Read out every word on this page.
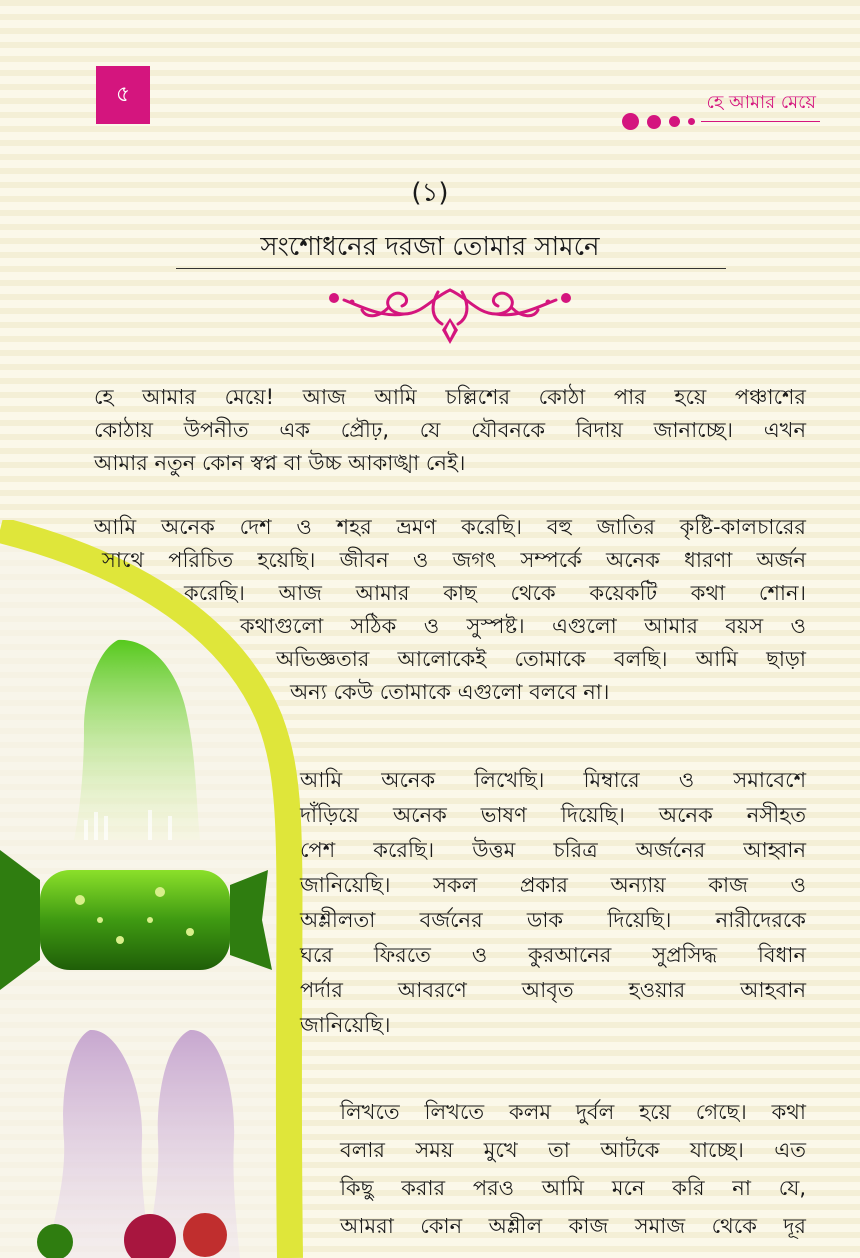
৫	হে আমার মেয়ে
(১)
সংশোধনের দরজা তোমার সামনে
হে আমার মেয়ে! আজ আমি চল্লিশের কোঠা পার হয়ে পঞ্চাশের
কোঠায় উপনীত এক প্রৌঢ়, যে যৌবনকে বিদায় জানাচ্ছে। এখন
আমার নতুন কোন স্বপ্ন বা উচ্চ আকাঙ্খা নেই।
আমি অনেক দেশ ও শহর ভ্রমণ করেছি। বহু জাতির কৃষ্টি-কালচারের
সাথে পরিচিত হয়েছি। জীবন ও জগৎ সম্পর্কে অনেক ধারণা অর্জন
করেছি। আজ আমার কাছ থেকে কয়েকটি কথা শোন।
কথাগুলো সঠিক ও সুস্পষ্ট। এগুলো আমার বয়স ও
অভিজ্ঞতার আলোকেই তোমাকে বলছি। আমি ছাড়া
অন্য কেউ তোমাকে এগুলো বলবে না।
আমি অনেক লিখেছি। মিম্বারে ও সমাবেশে
দাঁড়িয়ে অনেক ভাষণ দিয়েছি। অনেক নসীহত
পেশ করেছি। উত্তম চরিত্র অর্জনের আহ্বান
জানিয়েছি। সকল প্রকার অন্যায় কাজ ও
অশ্লীলতা বর্জনের ডাক দিয়েছি। নারীদেরকে
ঘরে ফিরতে ও কুরআনের সুপ্রসিদ্ধ বিধান
পর্দার আবরণে আবৃত হওয়ার আহবান
জানিয়েছি।
লিখতে লিখতে কলম দুর্বল হয়ে গেছে। কথা
বলার সময় মুখে তা আটকে যাচ্ছে। এত
কিছু করার পরও আমি মনে করি না যে,
আমরা কোন অশ্লীল কাজ সমাজ থেকে দূর
